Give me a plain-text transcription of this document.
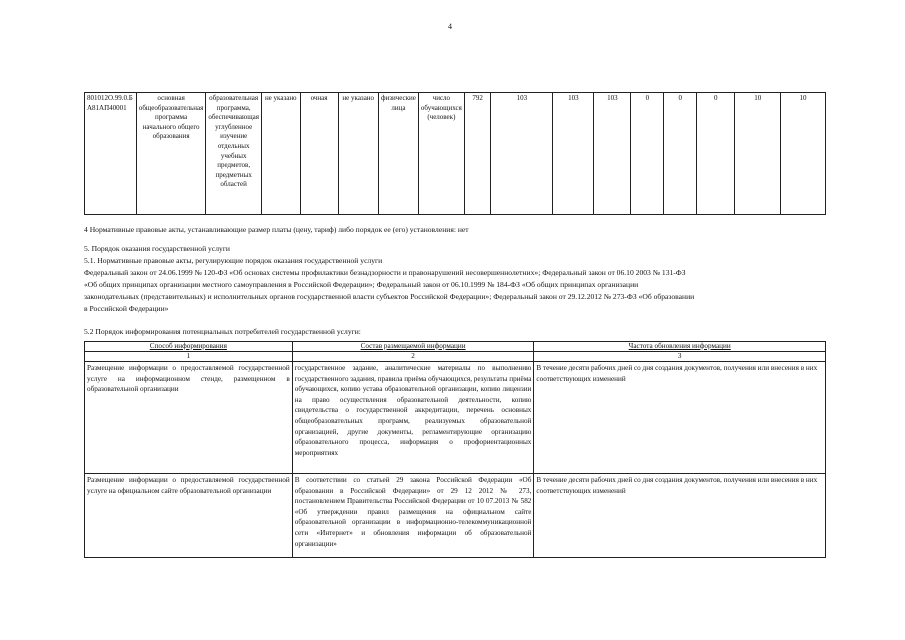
4
801012О.99.0.Б А81АП40001	основная общеобразовательная программа начального общего образования	образовательная программа, обеспечивающая углубленное изучение отдельных учебных предметов, предметных областей	не указано	очная	не указано	физические лица	число обучающихся (человек)	792	103	103	103	0	0	0	10	10
4 Нормативные правовые акты, устанавливающие размер платы (цену, тариф) либо порядок ее (его) установления: нет
5. Порядок оказания государственной услуги
5.1. Нормативные правовые акты, регулирующие порядок оказания государственной услуги
Федеральный закон от 24.06.1999 № 120-ФЗ «Об основах системы профилактики безнадзорности и правонарушений несовершеннолетних»; Федеральный закон от 06.10 2003 № 131-ФЗ
«Об общих принципах организации местного самоуправления в Российской Федерации»; Федеральный закон от 06.10.1999 № 184-ФЗ «Об общих принципах организации
законодательных (представительных) и исполнительных органов государственной власти субъектов Российской Федерации»; Федеральный закон от 29.12.2012 № 273-ФЗ «Об образовании
в Российской Федерации»
5.2 Порядок информирования потенциальных потребителей государственной услуги:
Способ информирования	Состав размещаемой информации	Частота обновления информации
1	2	3
Размещение информации о предоставляемой государственной услуге на информационном стенде, размещенном в образовательной организации	государственное задание, аналитические материалы по выполнению государственного задания, правила приёма обучающихся, результаты приёма обучающихся, копию устава образовательной организации, копию лицензии на право осуществления образовательной деятельности, копию свидетельства о государственной аккредитации, перечень основных общеобразовательных программ, реализуемых образовательной организацией, другие документы, регламентирующие организацию образовательного процесса, информация о профориентационных мероприятиях	В течение десяти рабочих дней со дня создания документов, получения или внесения в них соответствующих изменений
Размещение информации о предоставляемой государственной услуге на официальном сайте образовательной организации	В соответствии со статьей 29 закона Российской Федерации «Об образовании в Российской Федерации» от 29 12 2012 № 273, постановлением Правительства Российской Федерации от 10 07.2013 № 582 «Об утверждении правил размещения на официальном сайте образовательной организации в информационно-телекоммуникационной сети «Интернет» и обновления информации об образовательной организации»	В течение десяти рабочих дней со дня создания документов, получения или внесения в них соответствующих изменений
